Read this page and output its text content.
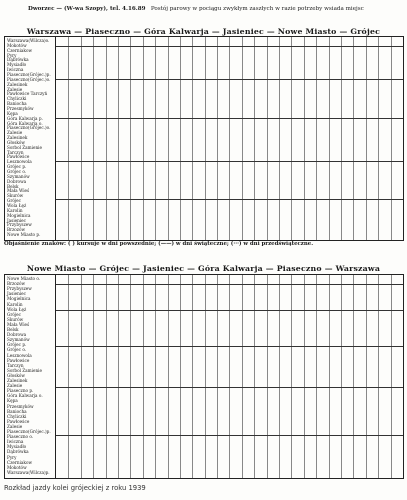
Dworzec — (W-wa Szopy), tel. 4.16.89 Postój parowy w pociągu zwykłym zaszłych w razie potrzeby wsiada miejsc
Warszawa — Piaseczno — Góra Kalwarja — Jasieniec — Nowe Miasto — Grójec
Warszawa(Wilcza)o.
Mokotów
Czerniakow
Pyry
Dąbrówka
Mysiadło
Iwiczna
Piaseczno(Grójec.)p.
Piaseczno(Grójec.)o.
Zalesinek
Zalesie
Pawłowice Tarczyń
Chyliczki
Baniocha
Przesmyków
Kępa
Góra Kalwarja p.
Góra Kalwarja o.
Piaseczno(Grójec.)o.
Zalesie
Zalesinek
Głosków
Sorbol Żamienie
Tarczyn
Pawłowice
Lesznowola
Grójec p.
Grójec o.
Szymanów
Dobrowa
Belsk
Mała Wieś
Skurów
Grójec
Wola Łęż
Karolin
Mogielnica
Jasieniec
Przybyszew
Brzozów
Nowe Miasto p.
Objaśnienie znaków: ( ) kursuje w dni powszednie; (——) w dni świąteczne; (···) w dni przedświąteczne.
Nowe Miasto — Grójec — Jasieniec — Góra Kalwarja — Piaseczno — Warszawa
Nowe Miasto o.
Brzozów
Przybyszew
Jasieniec
Mogielnica
Karolin
Wola Łęż
Grójec
Skurów
Mała Wieś
Belsk
Dobrowa
Szymanów
Grójec p.
Grójec o.
Lesznowola
Pawłowice
Tarczyn
Sorbol Żamienie
Głosków
Zalesinek
Zalesie
Piaseczno p.
Góra Kalwarja o.
Kępa
Przesmyków
Baniocha
Chyliczki
Pawłowice
Zalesie
Piaseczno(Grójec.)p.
Piaseczno o.
Iwiczna
Mysiadło
Dąbrówka
Pyry
Czerniakow
Mokotów
Warszawa(Wilcza)p.
Rozkład jazdy kolei grójeckiej z roku 1939
